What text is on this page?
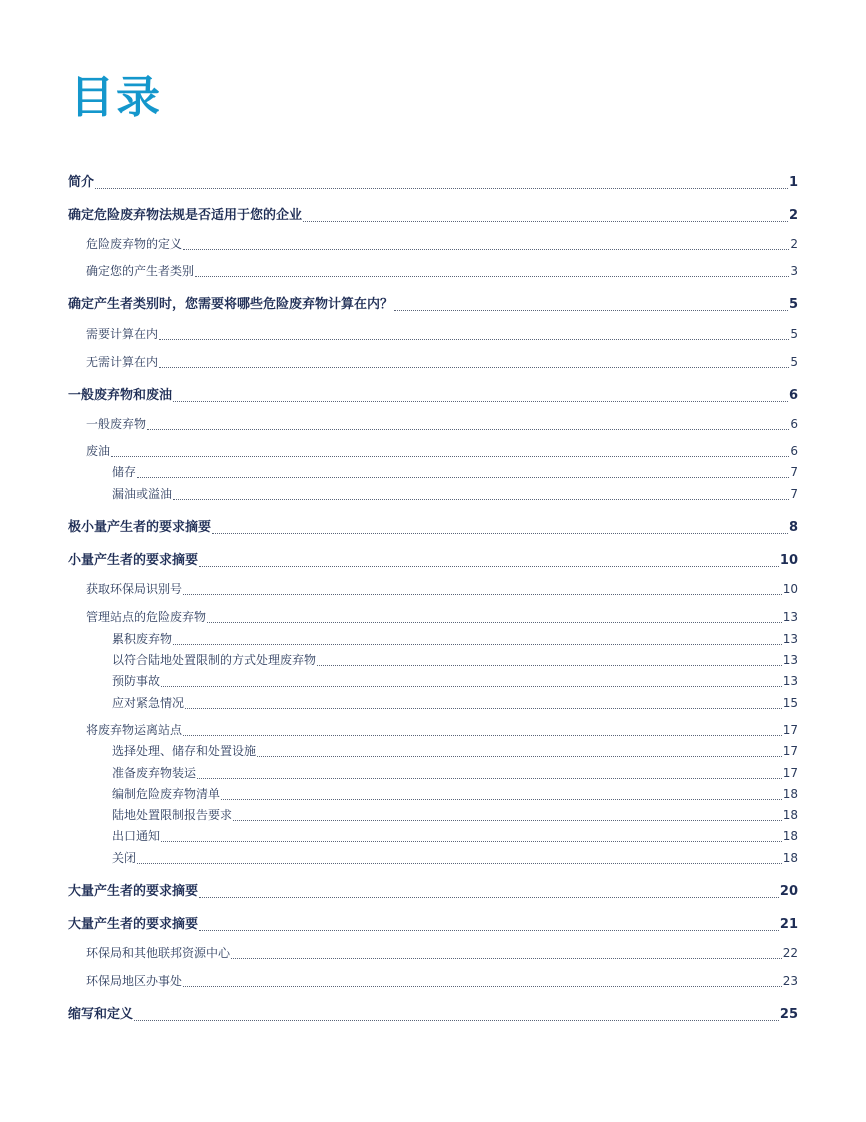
目录
简介	1
确定危险废弃物法规是否适用于您的企业	2
危险废弃物的定义	2
确定您的产生者类别	3
确定产生者类别时，您需要将哪些危险废弃物计算在内？	5
需要计算在内	5
无需计算在内	5
一般废弃物和废油	6
一般废弃物	6
废油	6
储存	7
漏油或溢油	7
极小量产生者的要求摘要	8
小量产生者的要求摘要	10
获取环保局识别号	10
管理站点的危险废弃物	13
累积废弃物	13
以符合陆地处置限制的方式处理废弃物	13
预防事故	13
应对紧急情况	15
将废弃物运离站点	17
选择处理、储存和处置设施	17
准备废弃物装运	17
编制危险废弃物清单	18
陆地处置限制报告要求	18
出口通知	18
关闭	18
大量产生者的要求摘要	20
大量产生者的要求摘要	21
环保局和其他联邦资源中心	22
环保局地区办事处	23
缩写和定义	25
